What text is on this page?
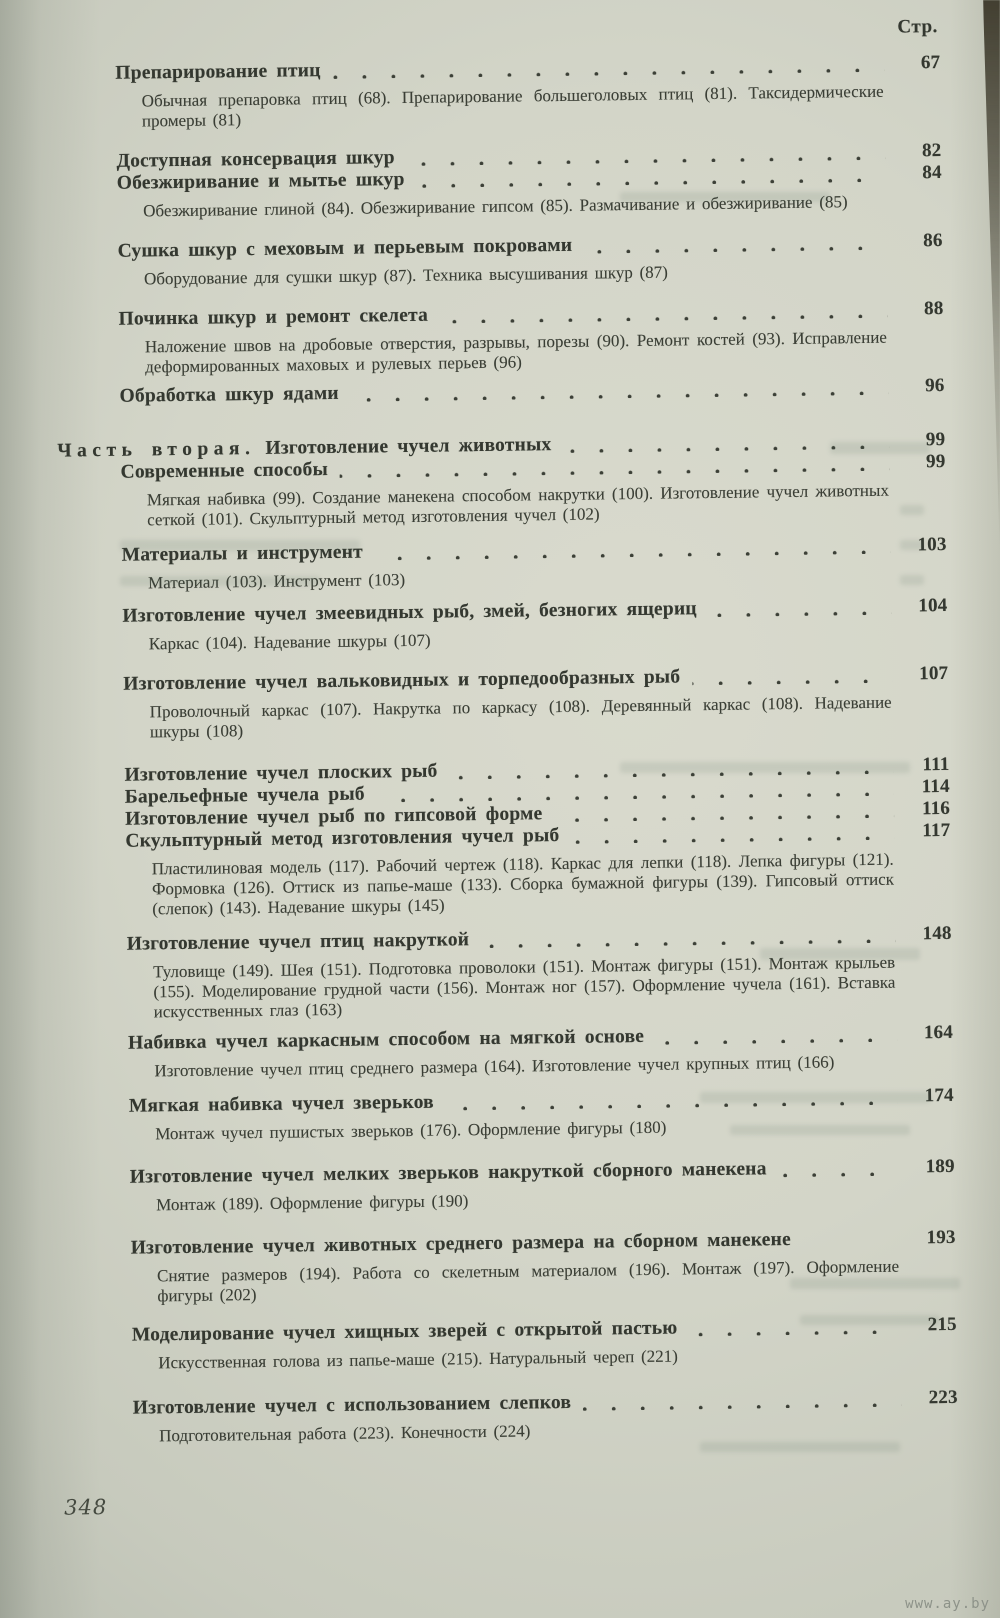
Стр.
Препарирование птиц	67

Обычная препаровка птиц (68). Препарирование большеголовых птиц (81). Таксидермические промеры (81)

Доступная консервация шкур	82
Обезжиривание и мытье шкур	84

Обезжиривание глиной (84). Обезжиривание гипсом (85). Размачивание и обезжиривание (85)

Сушка шкур с меховым и перьевым покровами	86

Оборудование для сушки шкур (87). Техника высушивания шкур (87)

Починка шкур и ремонт скелета	88

Наложение швов на дробовые отверстия, разрывы, порезы (90). Ремонт костей (93). Исправление деформированных маховых и рулевых перьев (96)

Обработка шкур ядами	96
Часть вторая. Изготовление чучел животных	99
Современные способы	99

Мягкая набивка (99). Создание манекена способом накрутки (100). Изготовление чучел животных сеткой (101). Скульптурный метод изготовления чучел (102)

Материалы и инструмент	103

Материал (103). Инструмент (103)

Изготовление чучел змеевидных рыб, змей, безногих ящериц	104

Каркас (104). Надевание шкуры (107)

Изготовление чучел вальковидных и торпедообразных рыб	107

Проволочный каркас (107). Накрутка по каркасу (108). Деревянный каркас (108). Надевание шкуры (108)

Изготовление чучел плоских рыб	111
Барельефные чучела рыб	114
Изготовление чучел рыб по гипсовой форме	116
Скульптурный метод изготовления чучел рыб	117

Пластилиновая модель (117). Рабочий чертеж (118). Каркас для лепки (118). Лепка фигуры (121). Формовка (126). Оттиск из папье-маше (133). Сборка бумажной фигуры (139). Гипсовый оттиск (слепок) (143). Надевание шкуры (145)

Изготовление чучел птиц накруткой	148

Туловище (149). Шея (151). Подготовка проволоки (151). Монтаж фигуры (151). Монтаж крыльев (155). Моделирование грудной части (156). Монтаж ног (157). Оформление чучела (161). Вставка искусственных глаз (163)

Набивка чучел каркасным способом на мягкой основе	164

Изготовление чучел птиц среднего размера (164). Изготовление чучел крупных птиц (166)

Мягкая набивка чучел зверьков	174

Монтаж чучел пушистых зверьков (176). Оформление фигуры (180)

Изготовление чучел мелких зверьков накруткой сборного манекена	189

Монтаж (189). Оформление фигуры (190)

Изготовление чучел животных среднего размера на сборном манекене	193

Снятие размеров (194). Работа со скелетным материалом (196). Монтаж (197). Оформление фигуры (202)

Моделирование чучел хищных зверей с открытой пастью	215

Искусственная голова из папье-маше (215). Натуральный череп (221)

Изготовление чучел с использованием слепков	223

Подготовительная работа (223). Конечности (224)

348
www.ay.by
